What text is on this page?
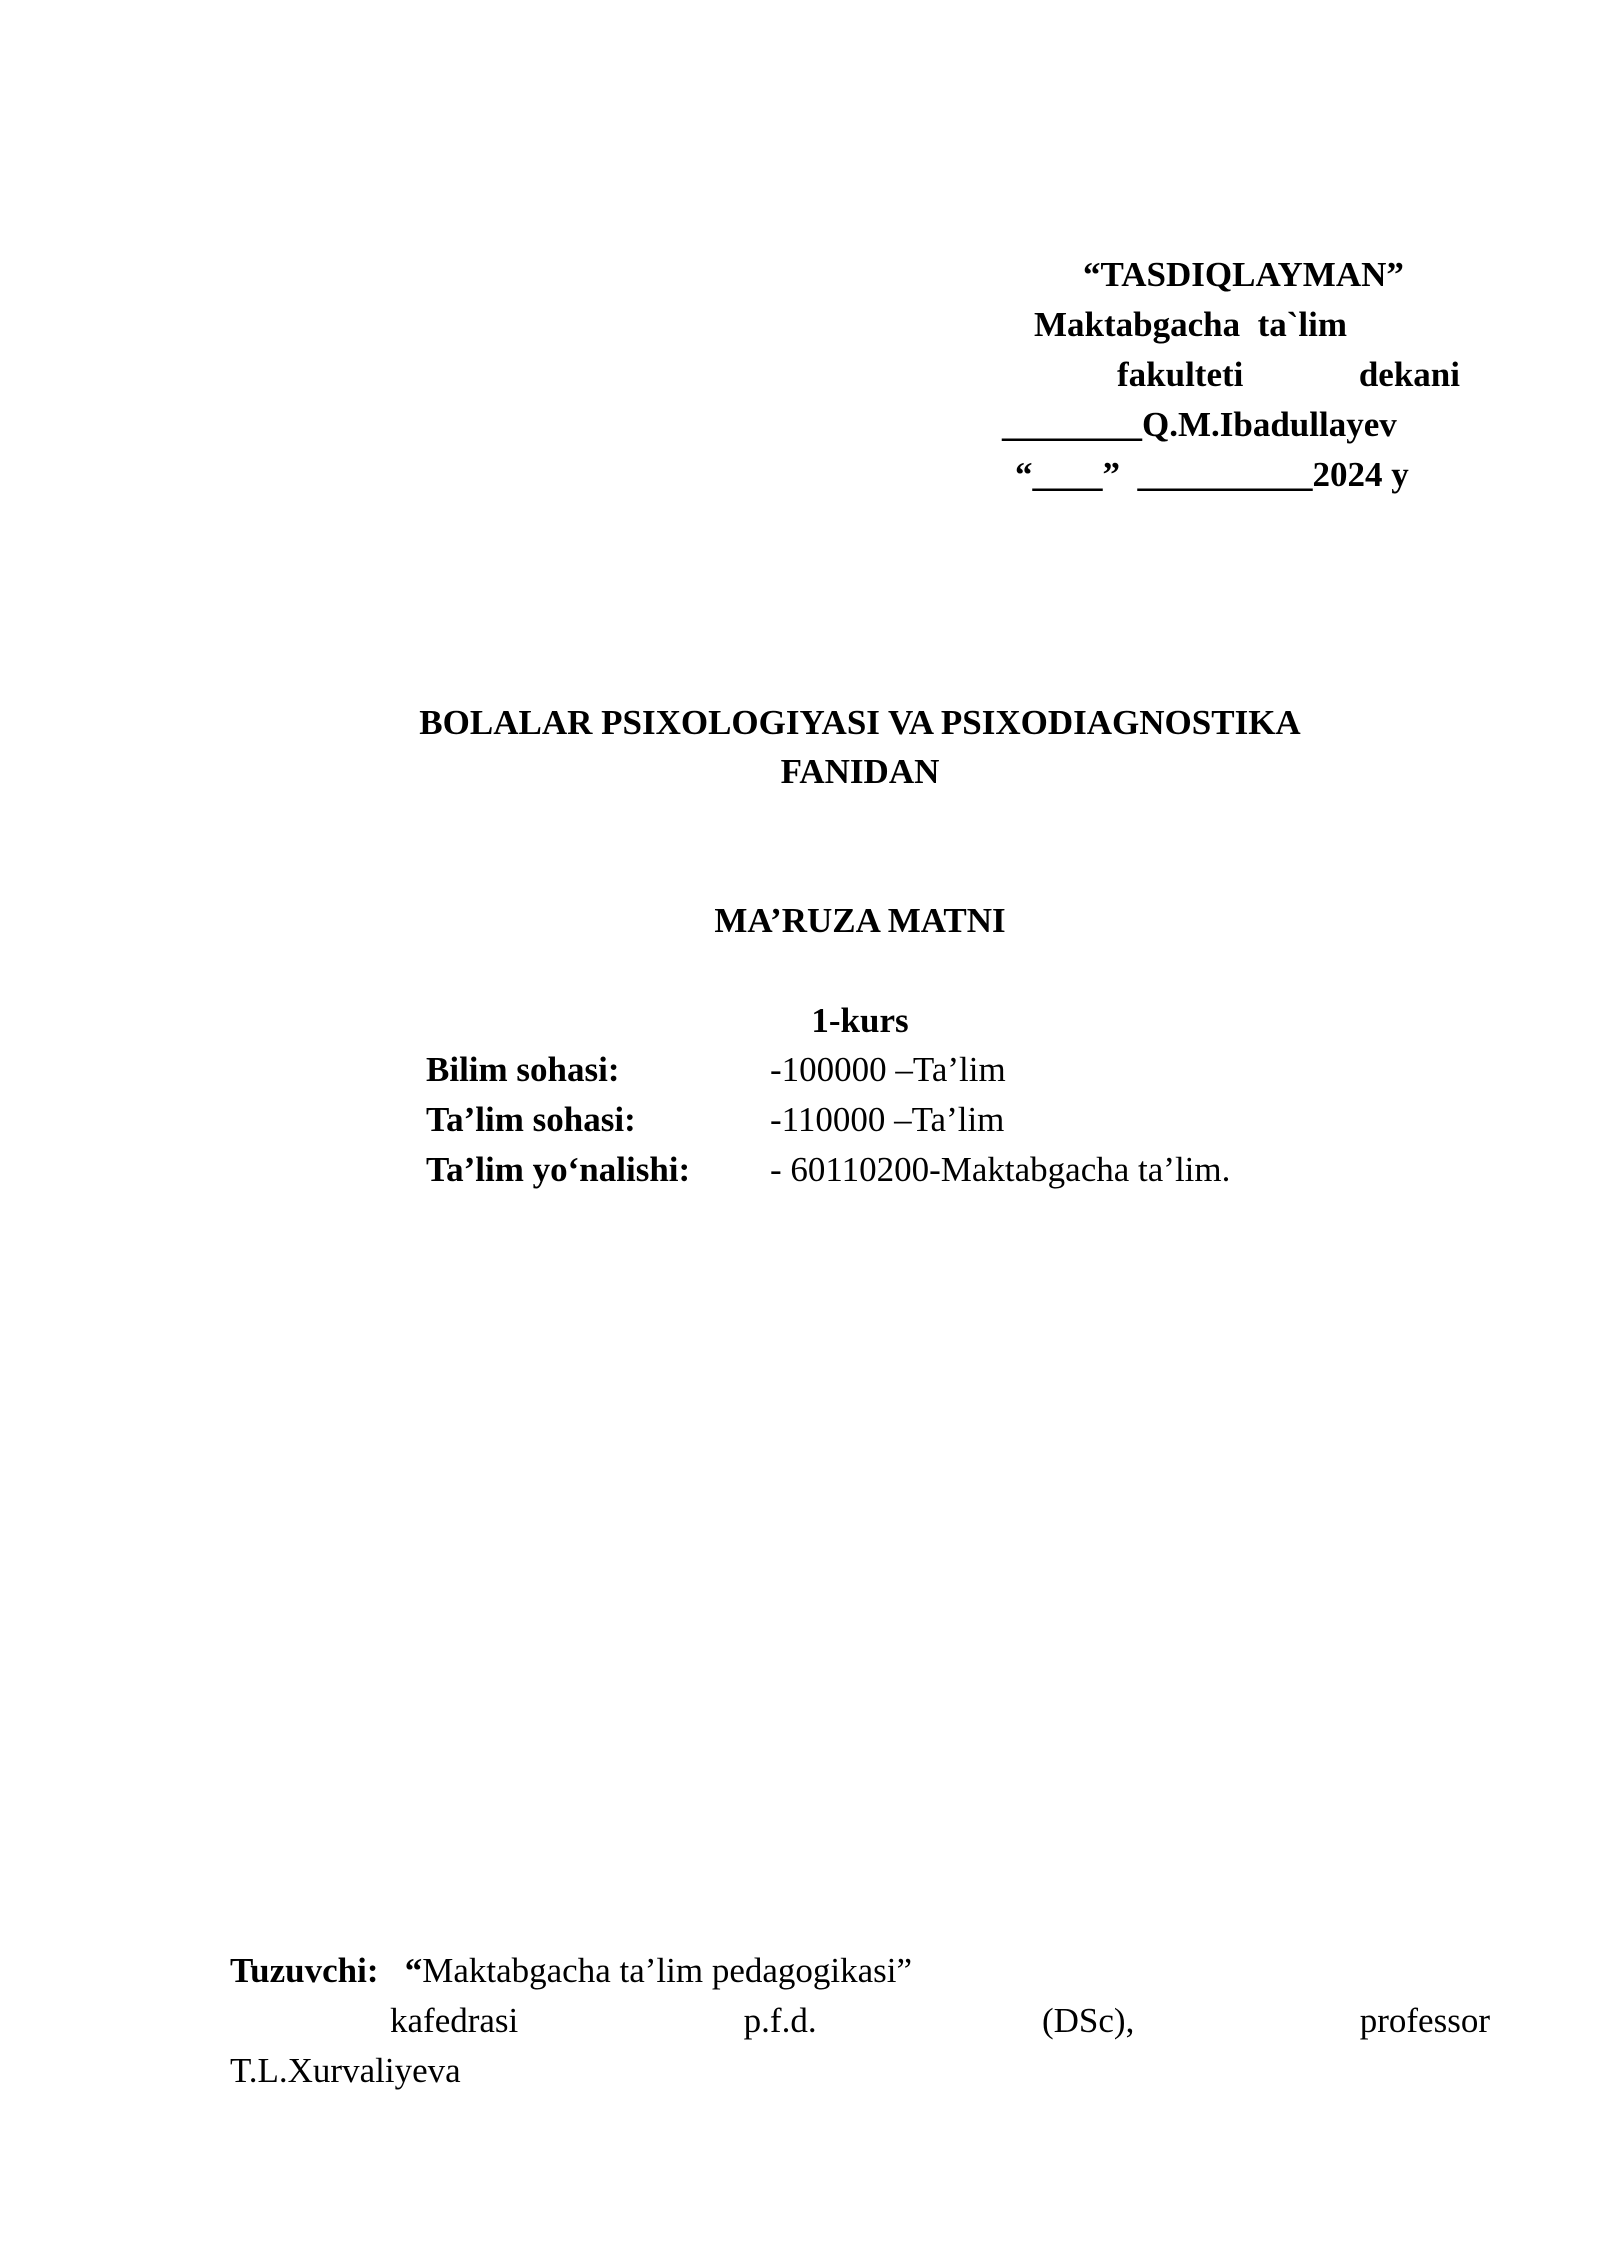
“TASDIQLAYMAN”
Maktabgacha  ta`lim
fakulteti	dekani
________Q.M.Ibadullayev
“____”  __________2024 y
BOLALAR PSIXOLOGIYASI VA PSIXODIAGNOSTIKA
FANIDAN
MA’RUZA MATNI
1-kurs
Bilim sohasi:	-100000 –Ta’lim
Ta’lim sohasi:	-110000 –Ta’lim
Ta’lim yo‘nalishi:	- 60110200-Maktabgacha ta’lim.
Tuzuvchi: “Maktabgacha ta’lim pedagogikasi”
kafedrasi	p.f.d.	(DSc),	professor
T.L.Xurvaliyeva
